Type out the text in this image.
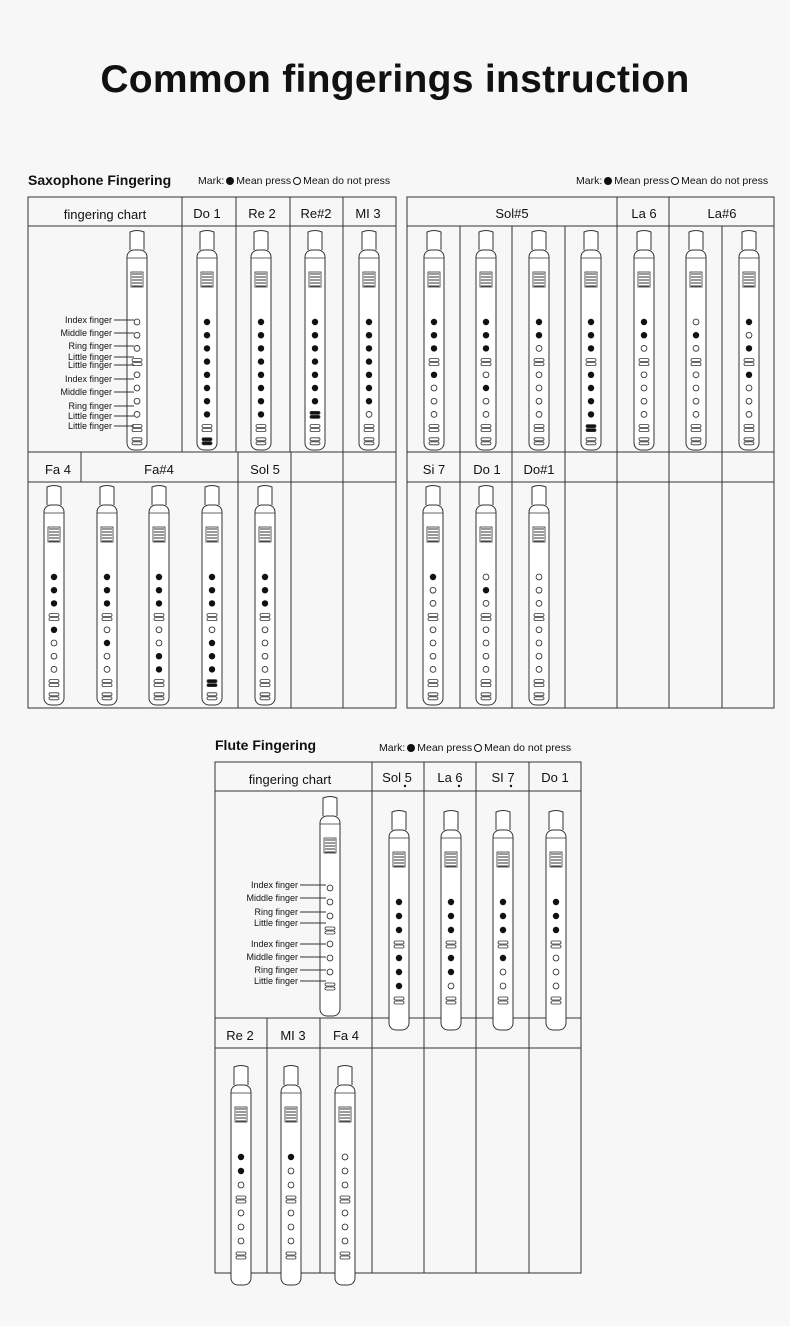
Common fingerings instruction
Saxophone Fingering	Mark: Mean press Mean do not press	Mark: Mean press Mean do not press
Flute Fingering	Mark: Mean press Mean do not press
fingering chart	Do 1 Re 2 Re#2 MI 3
Fa 4	Fa#4	Sol 5
Index finger
Middle finger
Ring finger
Little finger
Little finger
Index finger
Middle finger
Ring finger
Little finger
Little finger
Sol#5	La 6	La#6
Si 7 Do 1 Do#1
fingering chart	Sol 5 La 6 SI 7 Do 1
Re 2 MI 3 Fa 4
Index finger
Middle finger
Ring finger
Little finger
Index finger
Middle finger
Ring finger
Little finger
